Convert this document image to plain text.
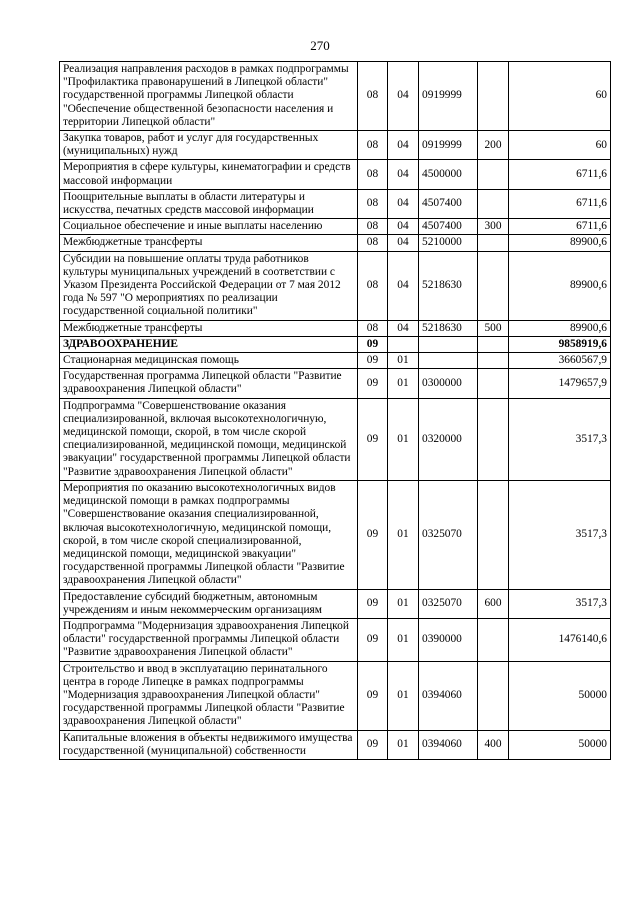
270
Реализация направления расходов в рамках подпрограммы "Профилактика правонарушений в Липецкой области" государственной программы Липецкой области "Обеспечение общественной безопасности населения и территории Липецкой области"	08	04	0919999		60
Закупка товаров, работ и услуг для государственных (муниципальных) нужд	08	04	0919999	200	60
Мероприятия в сфере культуры, кинематографии и средств массовой информации	08	04	4500000		6711,6
Поощрительные выплаты в области литературы и искусства, печатных средств массовой информации	08	04	4507400		6711,6
Социальное обеспечение и иные выплаты населению	08	04	4507400	300	6711,6
Межбюджетные трансферты	08	04	5210000		89900,6
Субсидии на повышение оплаты труда работников культуры муниципальных учреждений в соответствии с Указом Президента Российской Федерации от 7 мая 2012 года № 597 "О мероприятиях по реализации государственной социальной политики"	08	04	5218630		89900,6
Межбюджетные трансферты	08	04	5218630	500	89900,6
ЗДРАВООХРАНЕНИЕ	09				9858919,6
Стационарная медицинская помощь	09	01			3660567,9
Государственная программа Липецкой области "Развитие здравоохранения Липецкой области"	09	01	0300000		1479657,9
Подпрограмма "Совершенствование оказания специализированной, включая высокотехнологичную, медицинской помощи, скорой, в том числе скорой специализированной, медицинской помощи, медицинской эвакуации" государственной программы Липецкой области "Развитие здравоохранения Липецкой области"	09	01	0320000		3517,3
Мероприятия по оказанию высокотехнологичных видов медицинской помощи в рамках подпрограммы "Совершенствование оказания специализированной, включая высокотехнологичную, медицинской помощи, скорой, в том числе скорой специализированной, медицинской помощи, медицинской эвакуации" государственной программы Липецкой области "Развитие здравоохранения Липецкой области"	09	01	0325070		3517,3
Предоставление субсидий бюджетным, автономным учреждениям и иным некоммерческим организациям	09	01	0325070	600	3517,3
Подпрограмма "Модернизация здравоохранения Липецкой области" государственной программы Липецкой области "Развитие здравоохранения Липецкой области"	09	01	0390000		1476140,6
Строительство и ввод в эксплуатацию перинатального центра в городе Липецке в рамках подпрограммы "Модернизация здравоохранения Липецкой области" государственной программы Липецкой области "Развитие здравоохранения Липецкой области"	09	01	0394060		50000
Капитальные вложения в объекты недвижимого имущества государственной (муниципальной) собственности	09	01	0394060	400	50000
